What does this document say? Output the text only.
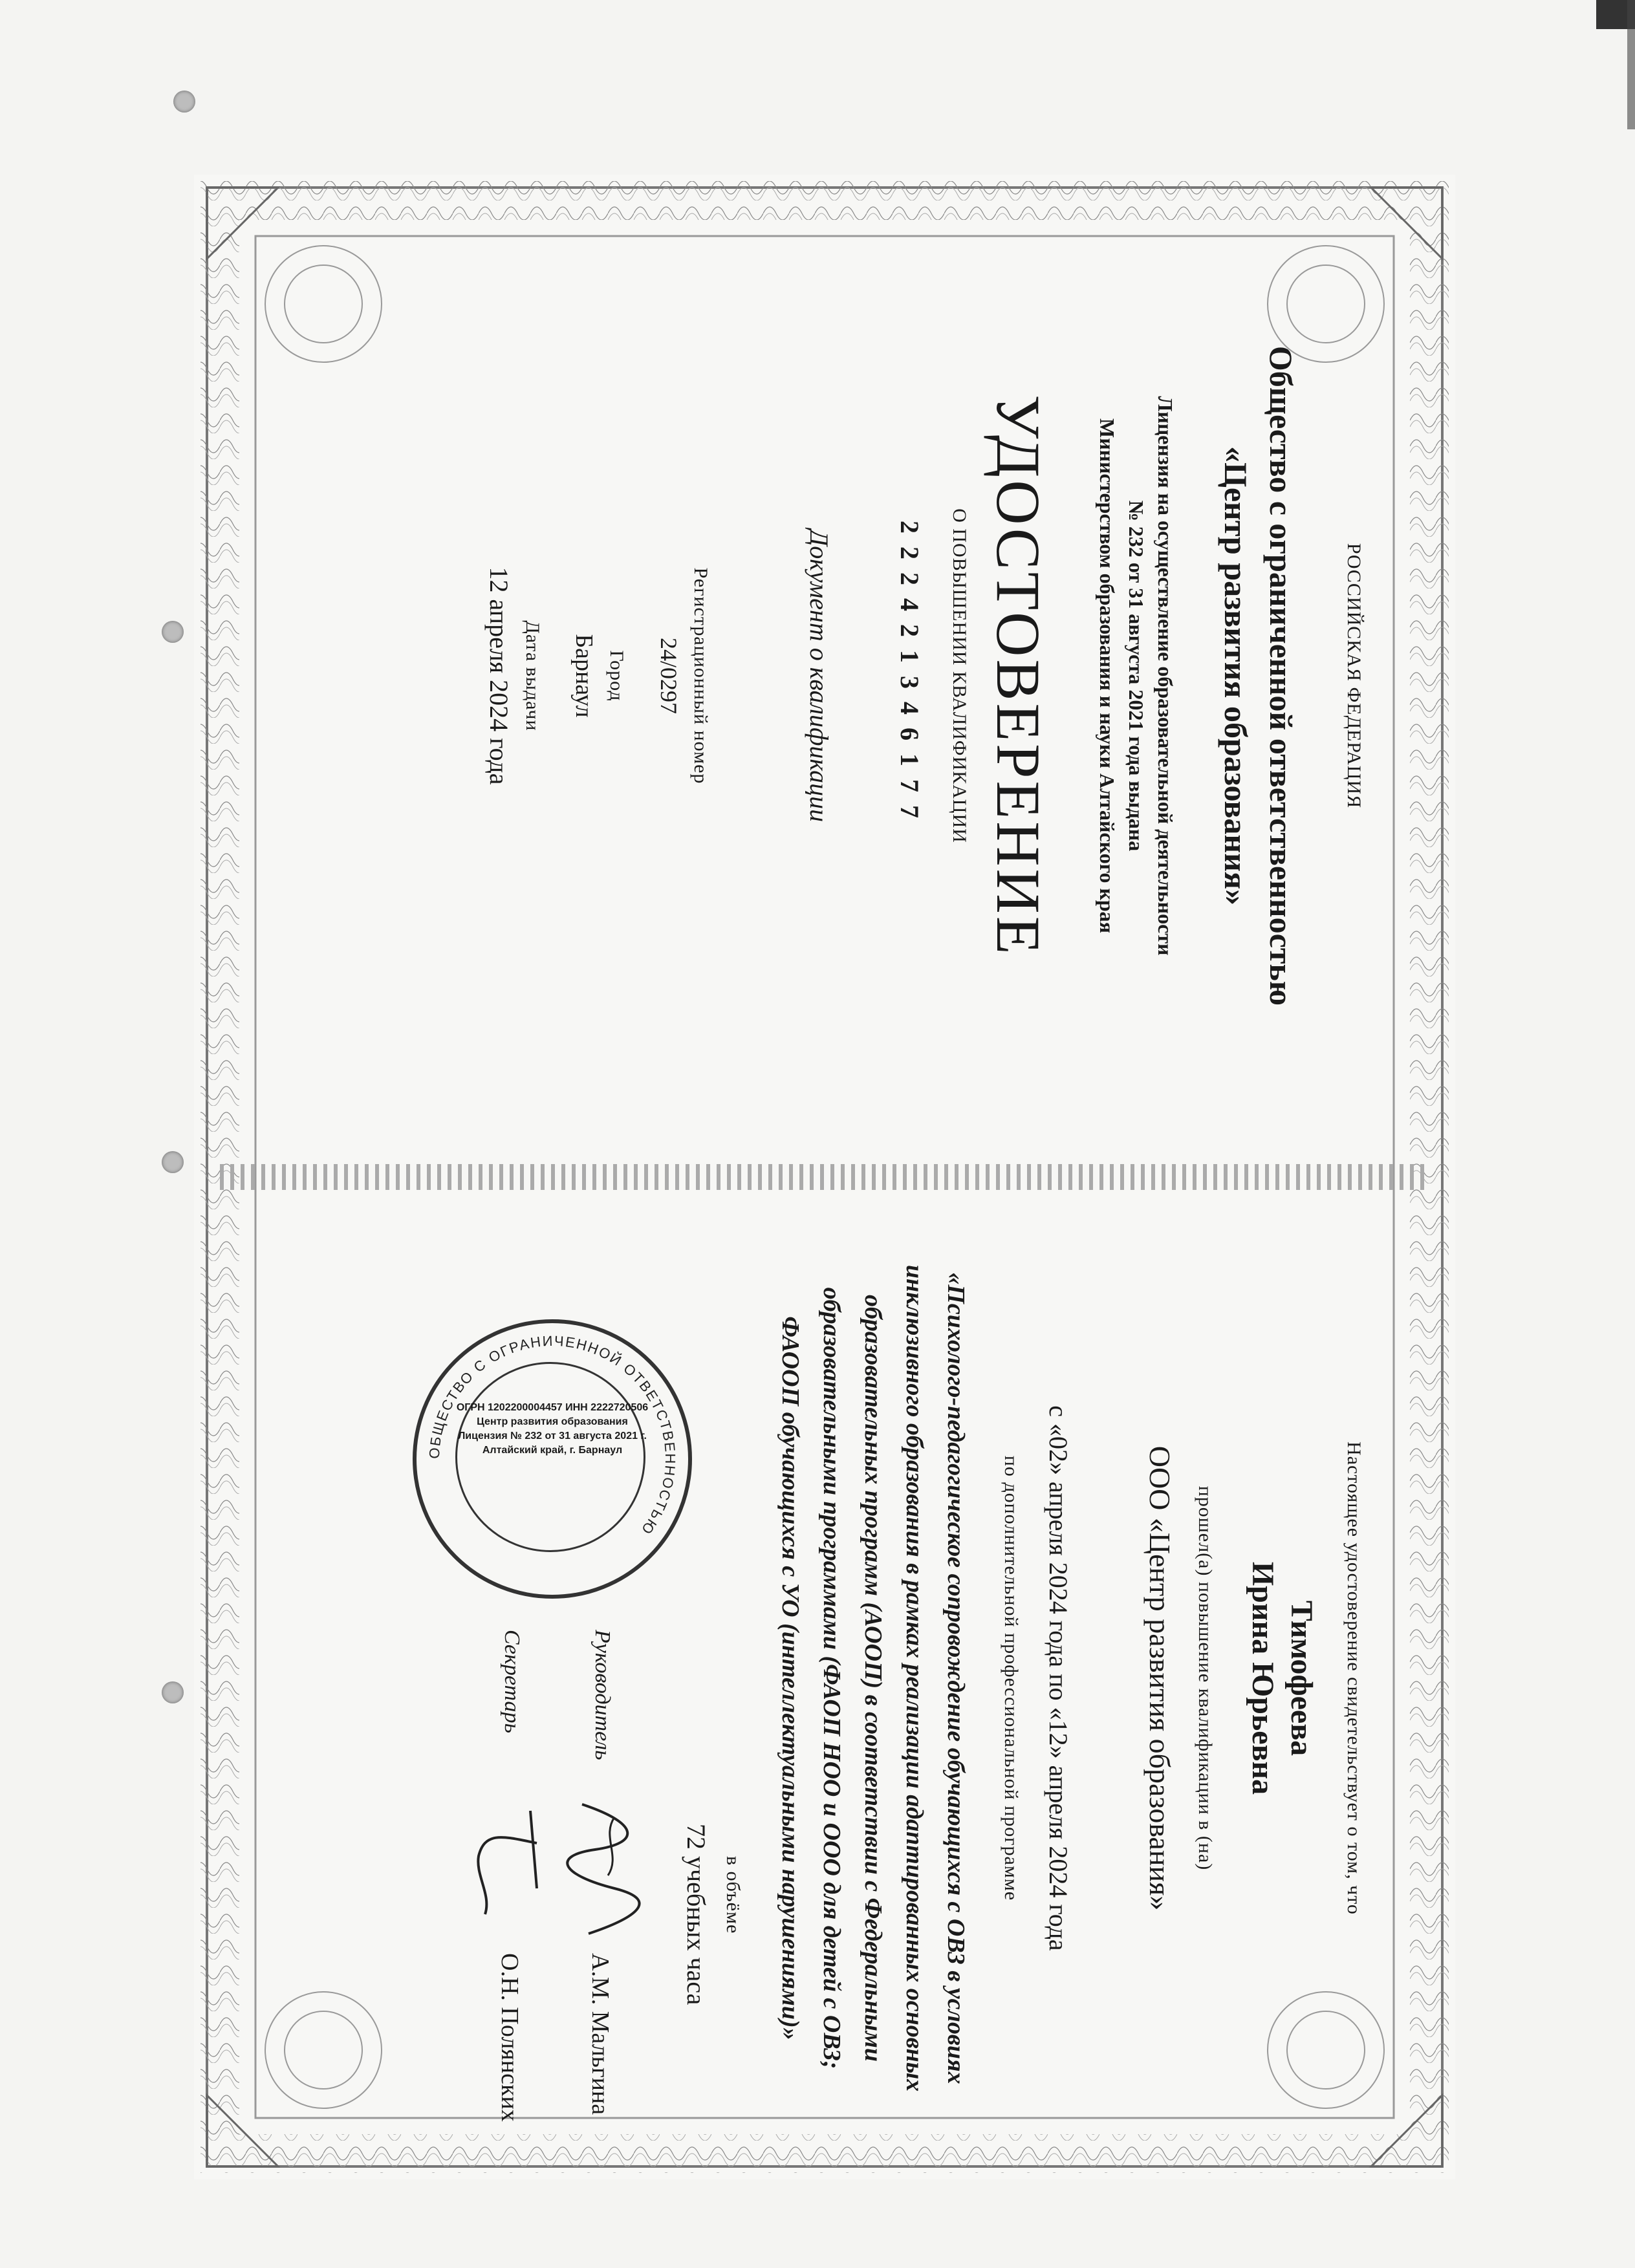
РОССИЙСКАЯ ФЕДЕРАЦИЯ
Общество с ограниченной ответственностью
«Центр развития образования»
Лицензия на осуществление образовательной деятельности
№ 232 от 31 августа 2021 года выдана
Министерством образования и науки Алтайского края
УДОСТОВЕРЕНИЕ
О ПОВЫШЕНИИ КВАЛИФИКАЦИИ
222421346177
Документ о квалификации
Регистрационный номер
24/0297
Город
Барнаул
Дата выдачи
12 апреля 2024 года
Настоящее удостоверение свидетельствует о том, что
Тимофеева
Ирина Юрьевна
прошел(а) повышение квалификации в (на)
ООО «Центр развития образования»
с «02» апреля 2024 года по «12» апреля 2024 года
по дополнительной профессиональной программе
«Психолого-педагогическое сопровождение обучающихся с ОВЗ в условиях
инклюзивного образования в рамках реализации адаптированных основных
образовательных программ (АООП) в соответствии с Федеральными
образовательными программами (ФАОП НОО и ООО для детей с ОВЗ;
ФАООП обучающихся с УО (интеллектуальными нарушениями)»
в объёме
72 учебных часа
ОБЩЕСТВО С ОГРАНИЧЕННОЙ ОТВЕТСТВЕННОСТЬЮ
ОГРН 1202200004457 ИНН 2222720506
Центр развития образования
Лицензия № 232 от 31 августа 2021 г.
Алтайский край, г. Барнаул
Руководитель
А.М. Мальгина
Секретарь
О.Н. Полянских
